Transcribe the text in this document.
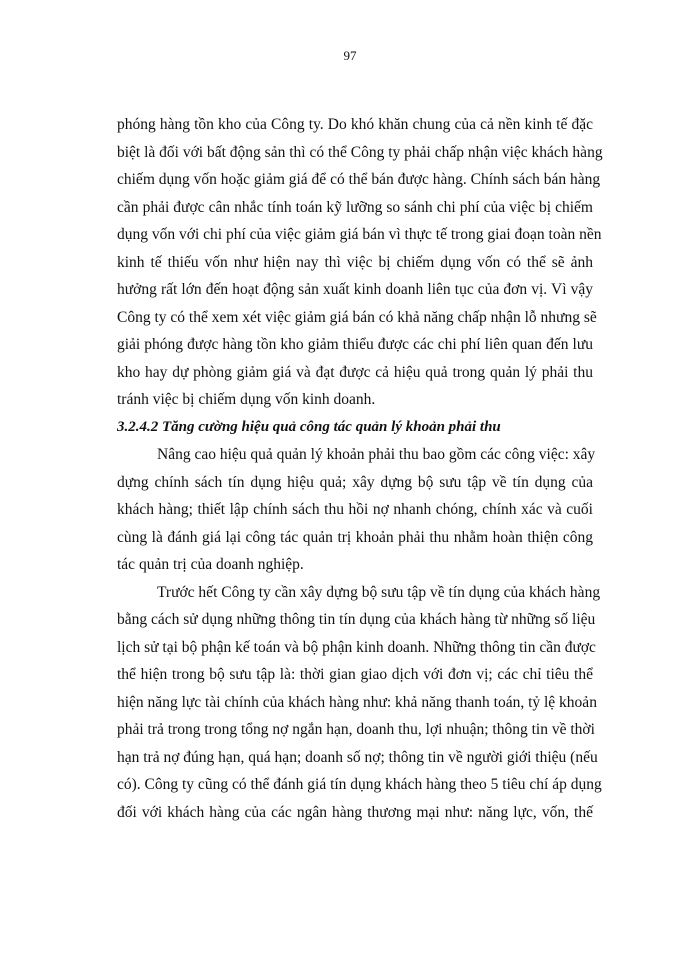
97
phóng hàng tồn kho của Công ty. Do khó khăn chung của cả nền kinh tế đặc
biệt là đối với bất động sản thì có thể Công ty phải chấp nhận việc khách hàng
chiếm dụng vốn hoặc giảm giá để có thể bán được hàng. Chính sách bán hàng
cần phải được cân nhắc tính toán kỹ lưỡng so sánh chi phí của việc bị chiếm
dụng vốn với chi phí của việc giảm giá bán vì thực tế trong giai đoạn toàn nền
kinh tế thiếu vốn như hiện nay thì việc bị chiếm dụng vốn có thể sẽ ảnh
hưởng rất lớn đến hoạt động sản xuất kinh doanh liên tục của đơn vị. Vì vậy
Công ty có thể xem xét việc giảm giá bán có khả năng chấp nhận lỗ nhưng sẽ
giải phóng được hàng tồn kho giảm thiểu được các chi phí liên quan đến lưu
kho hay dự phòng giảm giá và đạt được cả hiệu quả trong quản lý phải thu
tránh việc bị chiếm dụng vốn kinh doanh.
3.2.4.2 Tăng cường hiệu quả công tác quản lý khoản phải thu
Nâng cao hiệu quả quản lý khoản phải thu bao gồm các công việc: xây
dựng chính sách tín dụng hiệu quả; xây dựng bộ sưu tập về tín dụng của
khách hàng; thiết lập chính sách thu hồi nợ nhanh chóng, chính xác và cuối
cùng là đánh giá lại công tác quản trị khoản phải thu nhằm hoàn thiện công
tác quản trị của doanh nghiệp.
Trước hết Công ty cần xây dựng bộ sưu tập về tín dụng của khách hàng
bằng cách sử dụng những thông tin tín dụng của khách hàng từ những số liệu
lịch sử tại bộ phận kế toán và bộ phận kinh doanh. Những thông tin cần được
thể hiện trong bộ sưu tập là: thời gian giao dịch với đơn vị; các chỉ tiêu thể
hiện năng lực tài chính của khách hàng như: khả năng thanh toán, tỷ lệ khoản
phải trả trong trong tổng nợ ngắn hạn, doanh thu, lợi nhuận; thông tin về thời
hạn trả nợ đúng hạn, quá hạn; doanh số nợ; thông tin về người giới thiệu (nếu
có). Công ty cũng có thể đánh giá tín dụng khách hàng theo 5 tiêu chí áp dụng
đối với khách hàng của các ngân hàng thương mại như: năng lực, vốn, thế
